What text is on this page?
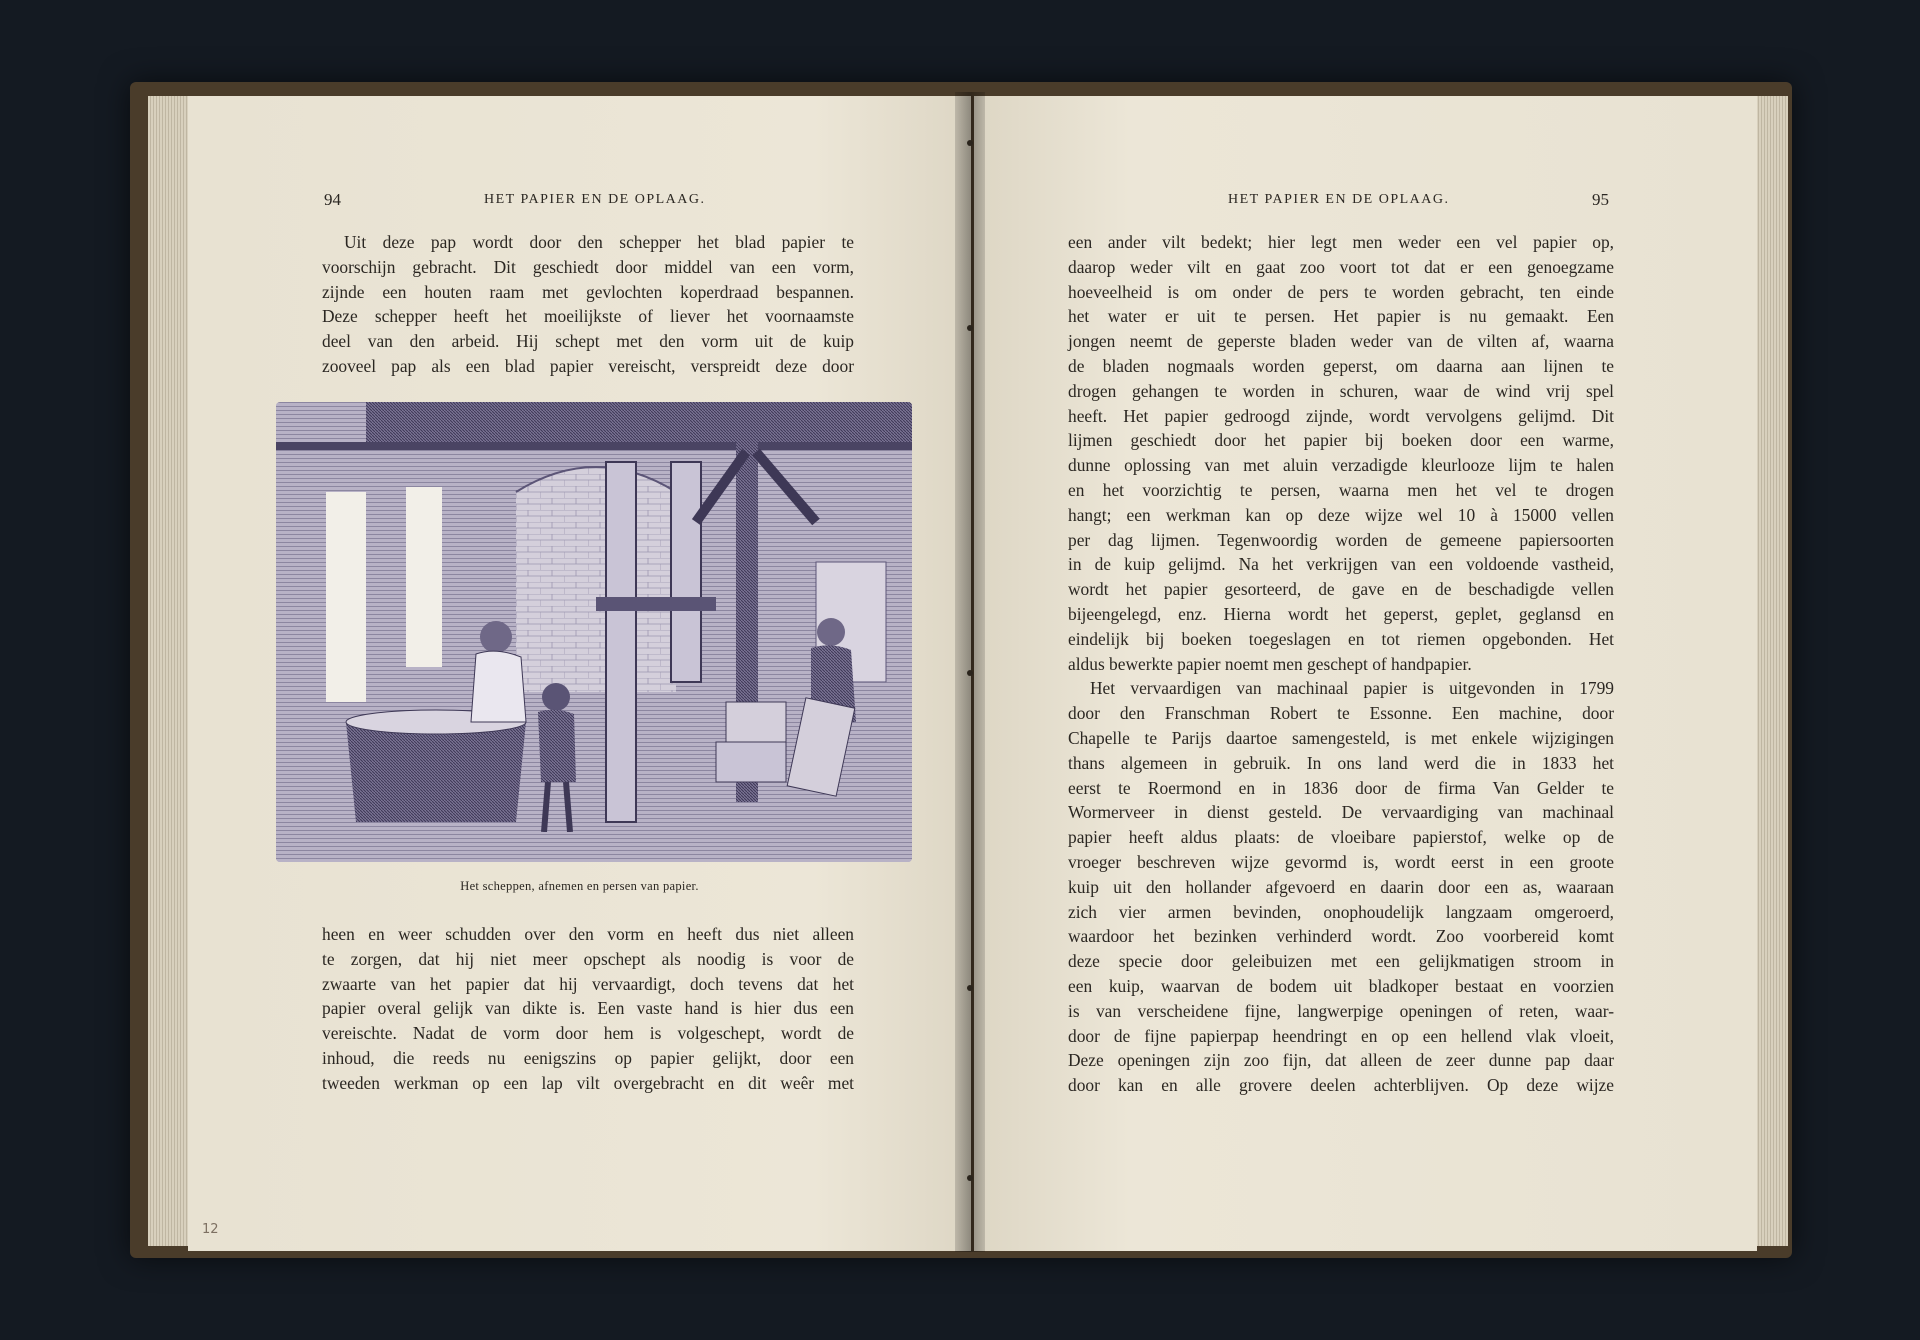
94	HET PAPIER EN DE OPLAAG.
Uit deze pap wordt door den schepper het blad papier te
voorschijn gebracht. Dit geschiedt door middel van een vorm,
zijnde een houten raam met gevlochten koperdraad bespannen.
Deze schepper heeft het moeilijkste of liever het voornaamste
deel van den arbeid. Hij schept met den vorm uit de kuip
zooveel pap als een blad papier vereischt, verspreidt deze door
Het scheppen, afnemen en persen van papier.
heen en weer schudden over den vorm en heeft dus niet alleen
te zorgen, dat hij niet meer opschept als noodig is voor de
zwaarte van het papier dat hij vervaardigt, doch tevens dat het
papier overal gelijk van dikte is. Een vaste hand is hier dus een
vereischte. Nadat de vorm door hem is volgeschept, wordt de
inhoud, die reeds nu eenigszins op papier gelijkt, door een
tweeden werkman op een lap vilt overgebracht en dit weêr met
12
HET PAPIER EN DE OPLAAG.	95
een ander vilt bedekt; hier legt men weder een vel papier op,
daarop weder vilt en gaat zoo voort tot dat er een genoegzame
hoeveelheid is om onder de pers te worden gebracht, ten einde
het water er uit te persen. Het papier is nu gemaakt. Een
jongen neemt de geperste bladen weder van de vilten af, waarna
de bladen nogmaals worden geperst, om daarna aan lijnen te
drogen gehangen te worden in schuren, waar de wind vrij spel
heeft. Het papier gedroogd zijnde, wordt vervolgens gelijmd. Dit
lijmen geschiedt door het papier bij boeken door een warme,
dunne oplossing van met aluin verzadigde kleurlooze lijm te halen
en het voorzichtig te persen, waarna men het vel te drogen
hangt; een werkman kan op deze wijze wel 10 à 15000 vellen
per dag lijmen. Tegenwoordig worden de gemeene papiersoorten
in de kuip gelijmd. Na het verkrijgen van een voldoende vastheid,
wordt het papier gesorteerd, de gave en de beschadigde vellen
bijeengelegd, enz. Hierna wordt het geperst, geplet, geglansd en
eindelijk bij boeken toegeslagen en tot riemen opgebonden. Het
aldus bewerkte papier noemt men geschept of handpapier.
Het vervaardigen van machinaal papier is uitgevonden in 1799
door den Franschman Robert te Essonne. Een machine, door
Chapelle te Parijs daartoe samengesteld, is met enkele wijzigingen
thans algemeen in gebruik. In ons land werd die in 1833 het
eerst te Roermond en in 1836 door de firma Van Gelder te
Wormerveer in dienst gesteld. De vervaardiging van machinaal
papier heeft aldus plaats: de vloeibare papierstof, welke op de
vroeger beschreven wijze gevormd is, wordt eerst in een groote
kuip uit den hollander afgevoerd en daarin door een as, waaraan
zich vier armen bevinden, onophoudelijk langzaam omgeroerd,
waardoor het bezinken verhinderd wordt. Zoo voorbereid komt
deze specie door geleibuizen met een gelijkmatigen stroom in
een kuip, waarvan de bodem uit bladkoper bestaat en voorzien
is van verscheidene fijne, langwerpige openingen of reten, waar-
door de fijne papierpap heendringt en op een hellend vlak vloeit,
Deze openingen zijn zoo fijn, dat alleen de zeer dunne pap daar
door kan en alle grovere deelen achterblijven. Op deze wijze
